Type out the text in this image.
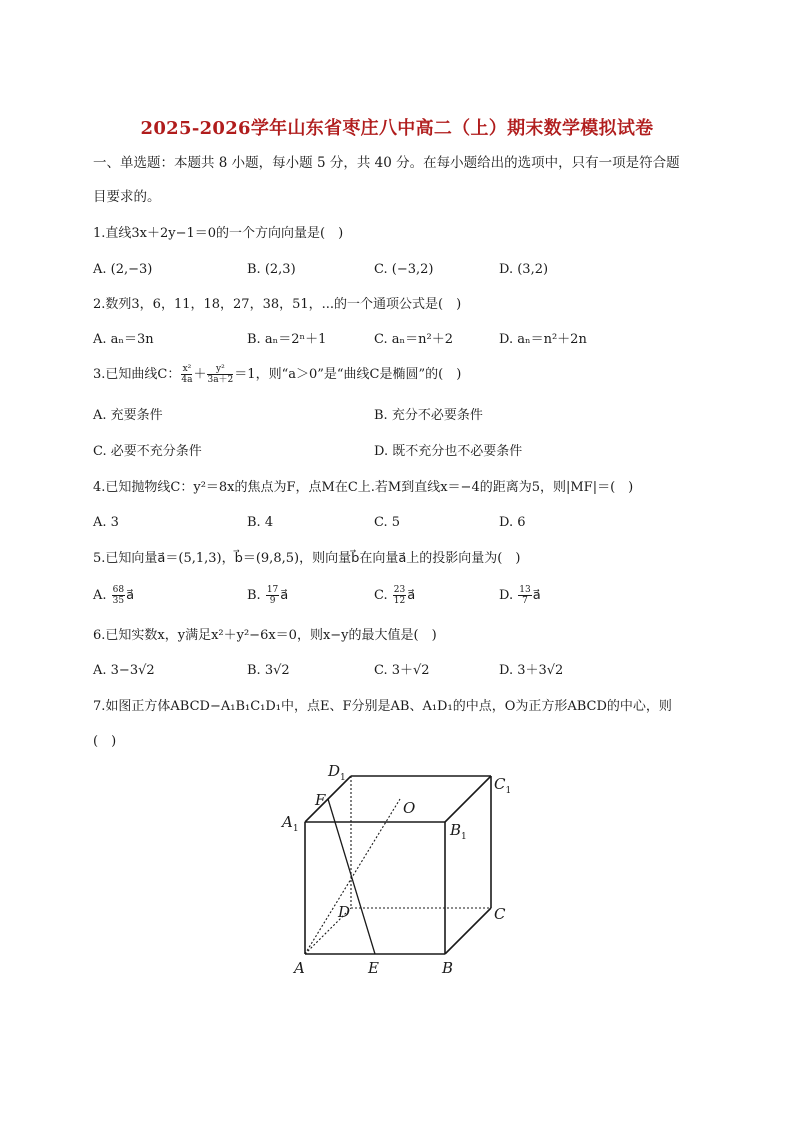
2025-2026学年山东省枣庄八中高二（上）期末数学模拟试卷
一、单选题：本题共 8 小题，每小题 5 分，共 40 分。在每小题给出的选项中，只有一项是符合题
目要求的。
1.直线3x＋2y−1＝0的一个方向向量是(　)
A. (2,−3)	B. (2,3)	C. (−3,2)	D. (3,2)
2.数列3，6，11，18，27，38，51，...的一个通项公式是(　)
A. aₙ＝3n	B. aₙ＝2ⁿ＋1	C. aₙ＝n²＋2	D. aₙ＝n²＋2n
3.已知曲线C： $\frac{\text{x²}}{4a} + \frac{\text{y²}}{3a+2} =1$，则“a＞0”是“曲线C是椭圆”的(　)
A. 充要条件	B. 充分不必要条件
C. 必要不充分条件	D. 既不充分也不必要条件
4.已知抛物线C：y²＝8x的焦点为F，点M在C上.若M到直线x＝−4的距离为5，则|MF|＝(　)
A. 3	B. 4	C. 5	D. 6
5.已知向量a⃗＝(5,1,3)，b⃗＝(9,8,5)，则向量b⃗在向量a⃗上的投影向量为(　)
A. $\frac{68}{35}$ a⃗	B. $\frac{17}{9}$ a⃗	C. $\frac{23}{12}$ a⃗	D. $\frac{13}{7}$ a⃗
6.已知实数x，y满足x²＋y²−6x＝0，则x−y的最大值是(　)
A. 3−3√2	B. 3√2	C. 3＋√2	D. 3＋3√2
7.如图正方体ABCD−A₁B₁C₁D₁中，点E、F分别是AB、A₁D₁的中点，O为正方形ABCD的中心，则
(　)
$A_1$	$B_1$
$C_1$
$D_1$
F	O
D	C
A	E	B
